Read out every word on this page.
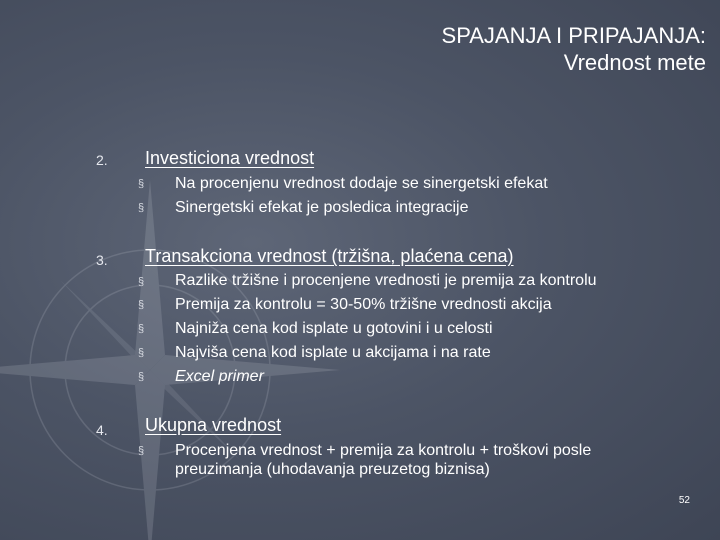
SPAJANJA I PRIPAJANJA:
Vrednost mete
2. Investiciona vrednost
§ Na procenjenu vrednost dodaje se sinergetski efekat
§ Sinergetski efekat je posledica integracije
3. Transakciona vrednost (tržišna, plaćena cena)
§ Razlike tržišne i procenjene vrednosti je premija za kontrolu
§ Premija za kontrolu = 30-50% tržišne vrednosti akcija
§ Najniža cena kod isplate u gotovini i u celosti
§ Najviša cena kod isplate u akcijama i na rate
§ Excel primer
4. Ukupna vrednost
§ Procenjena vrednost + premija za kontrolu + troškovi posle preuzimanja (uhodavanja preuzetog biznisa)
52
